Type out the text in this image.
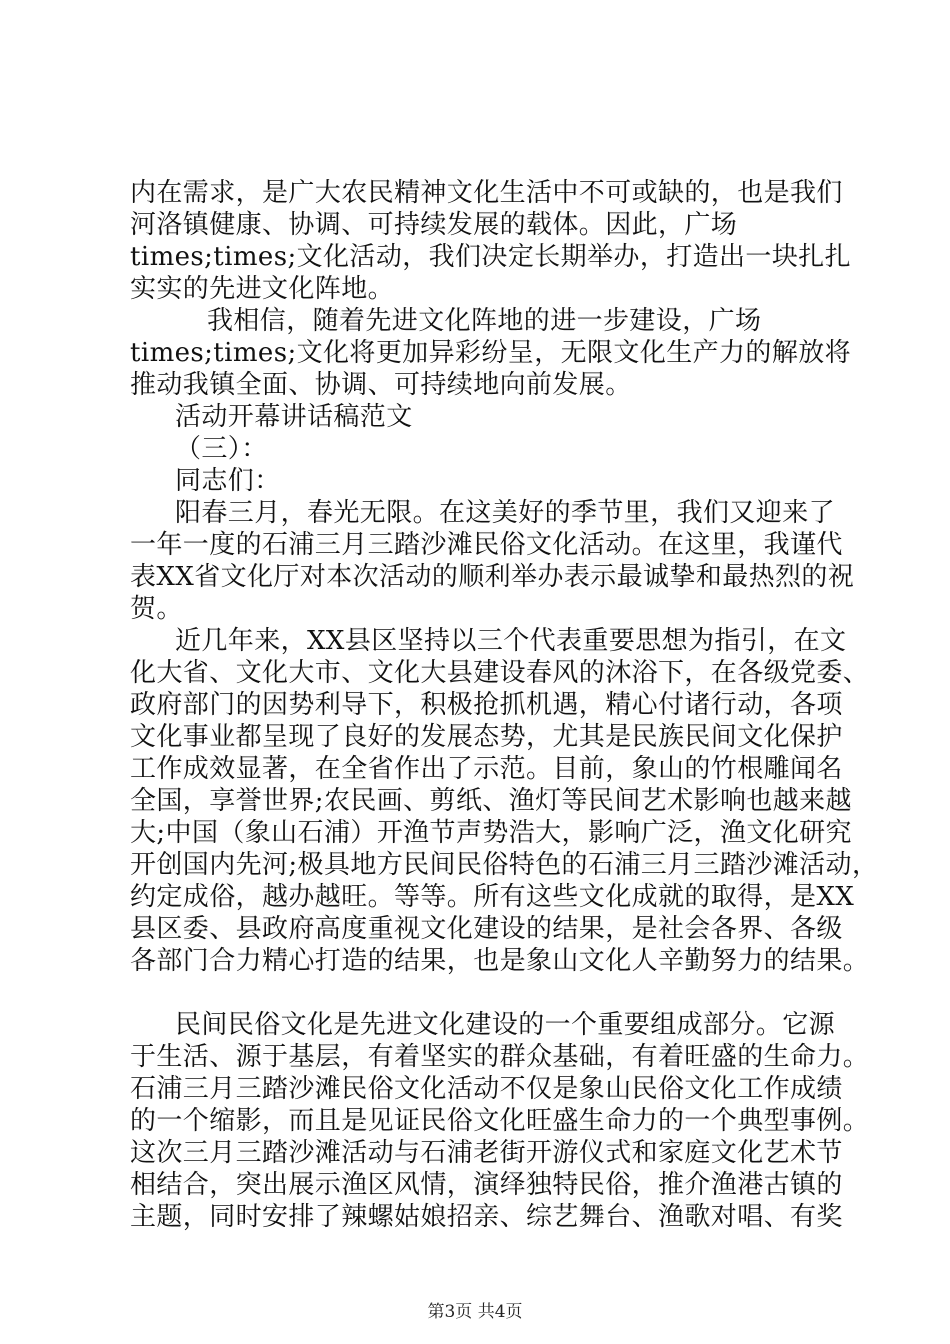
内在需求，是广大农民精神文化生活中不可或缺的，也是我们
河洛镇健康、协调、可持续发展的载体。因此，广场
times;times;文化活动，我们决定长期举办，打造出一块扎扎
实实的先进文化阵地。
我相信，随着先进文化阵地的进一步建设，广场
times;times;文化将更加异彩纷呈，无限文化生产力的解放将
推动我镇全面、协调、可持续地向前发展。
活动开幕讲话稿范文
（三）：
同志们：
阳春三月，春光无限。在这美好的季节里，我们又迎来了
一年一度的石浦三月三踏沙滩民俗文化活动。在这里，我谨代
表XX省文化厅对本次活动的顺利举办表示最诚挚和最热烈的祝
贺。
近几年来，XX县区坚持以三个代表重要思想为指引，在文
化大省、文化大市、文化大县建设春风的沐浴下，在各级党委、
政府部门的因势利导下，积极抢抓机遇，精心付诸行动，各项
文化事业都呈现了良好的发展态势，尤其是民族民间文化保护
工作成效显著，在全省作出了示范。目前，象山的竹根雕闻名
全国，享誉世界;农民画、剪纸、渔灯等民间艺术影响也越来越
大;中国（象山石浦）开渔节声势浩大，影响广泛，渔文化研究
开创国内先河;极具地方民间民俗特色的石浦三月三踏沙滩活动，
约定成俗，越办越旺。等等。所有这些文化成就的取得，是XX
县区委、县政府高度重视文化建设的结果，是社会各界、各级
各部门合力精心打造的结果，也是象山文化人辛勤努力的结果。
民间民俗文化是先进文化建设的一个重要组成部分。它源
于生活、源于基层，有着坚实的群众基础，有着旺盛的生命力。
石浦三月三踏沙滩民俗文化活动不仅是象山民俗文化工作成绩
的一个缩影，而且是见证民俗文化旺盛生命力的一个典型事例。
这次三月三踏沙滩活动与石浦老街开游仪式和家庭文化艺术节
相结合，突出展示渔区风情，演绎独特民俗，推介渔港古镇的
主题，同时安排了辣螺姑娘招亲、综艺舞台、渔歌对唱、有奖
第3页 共4页
